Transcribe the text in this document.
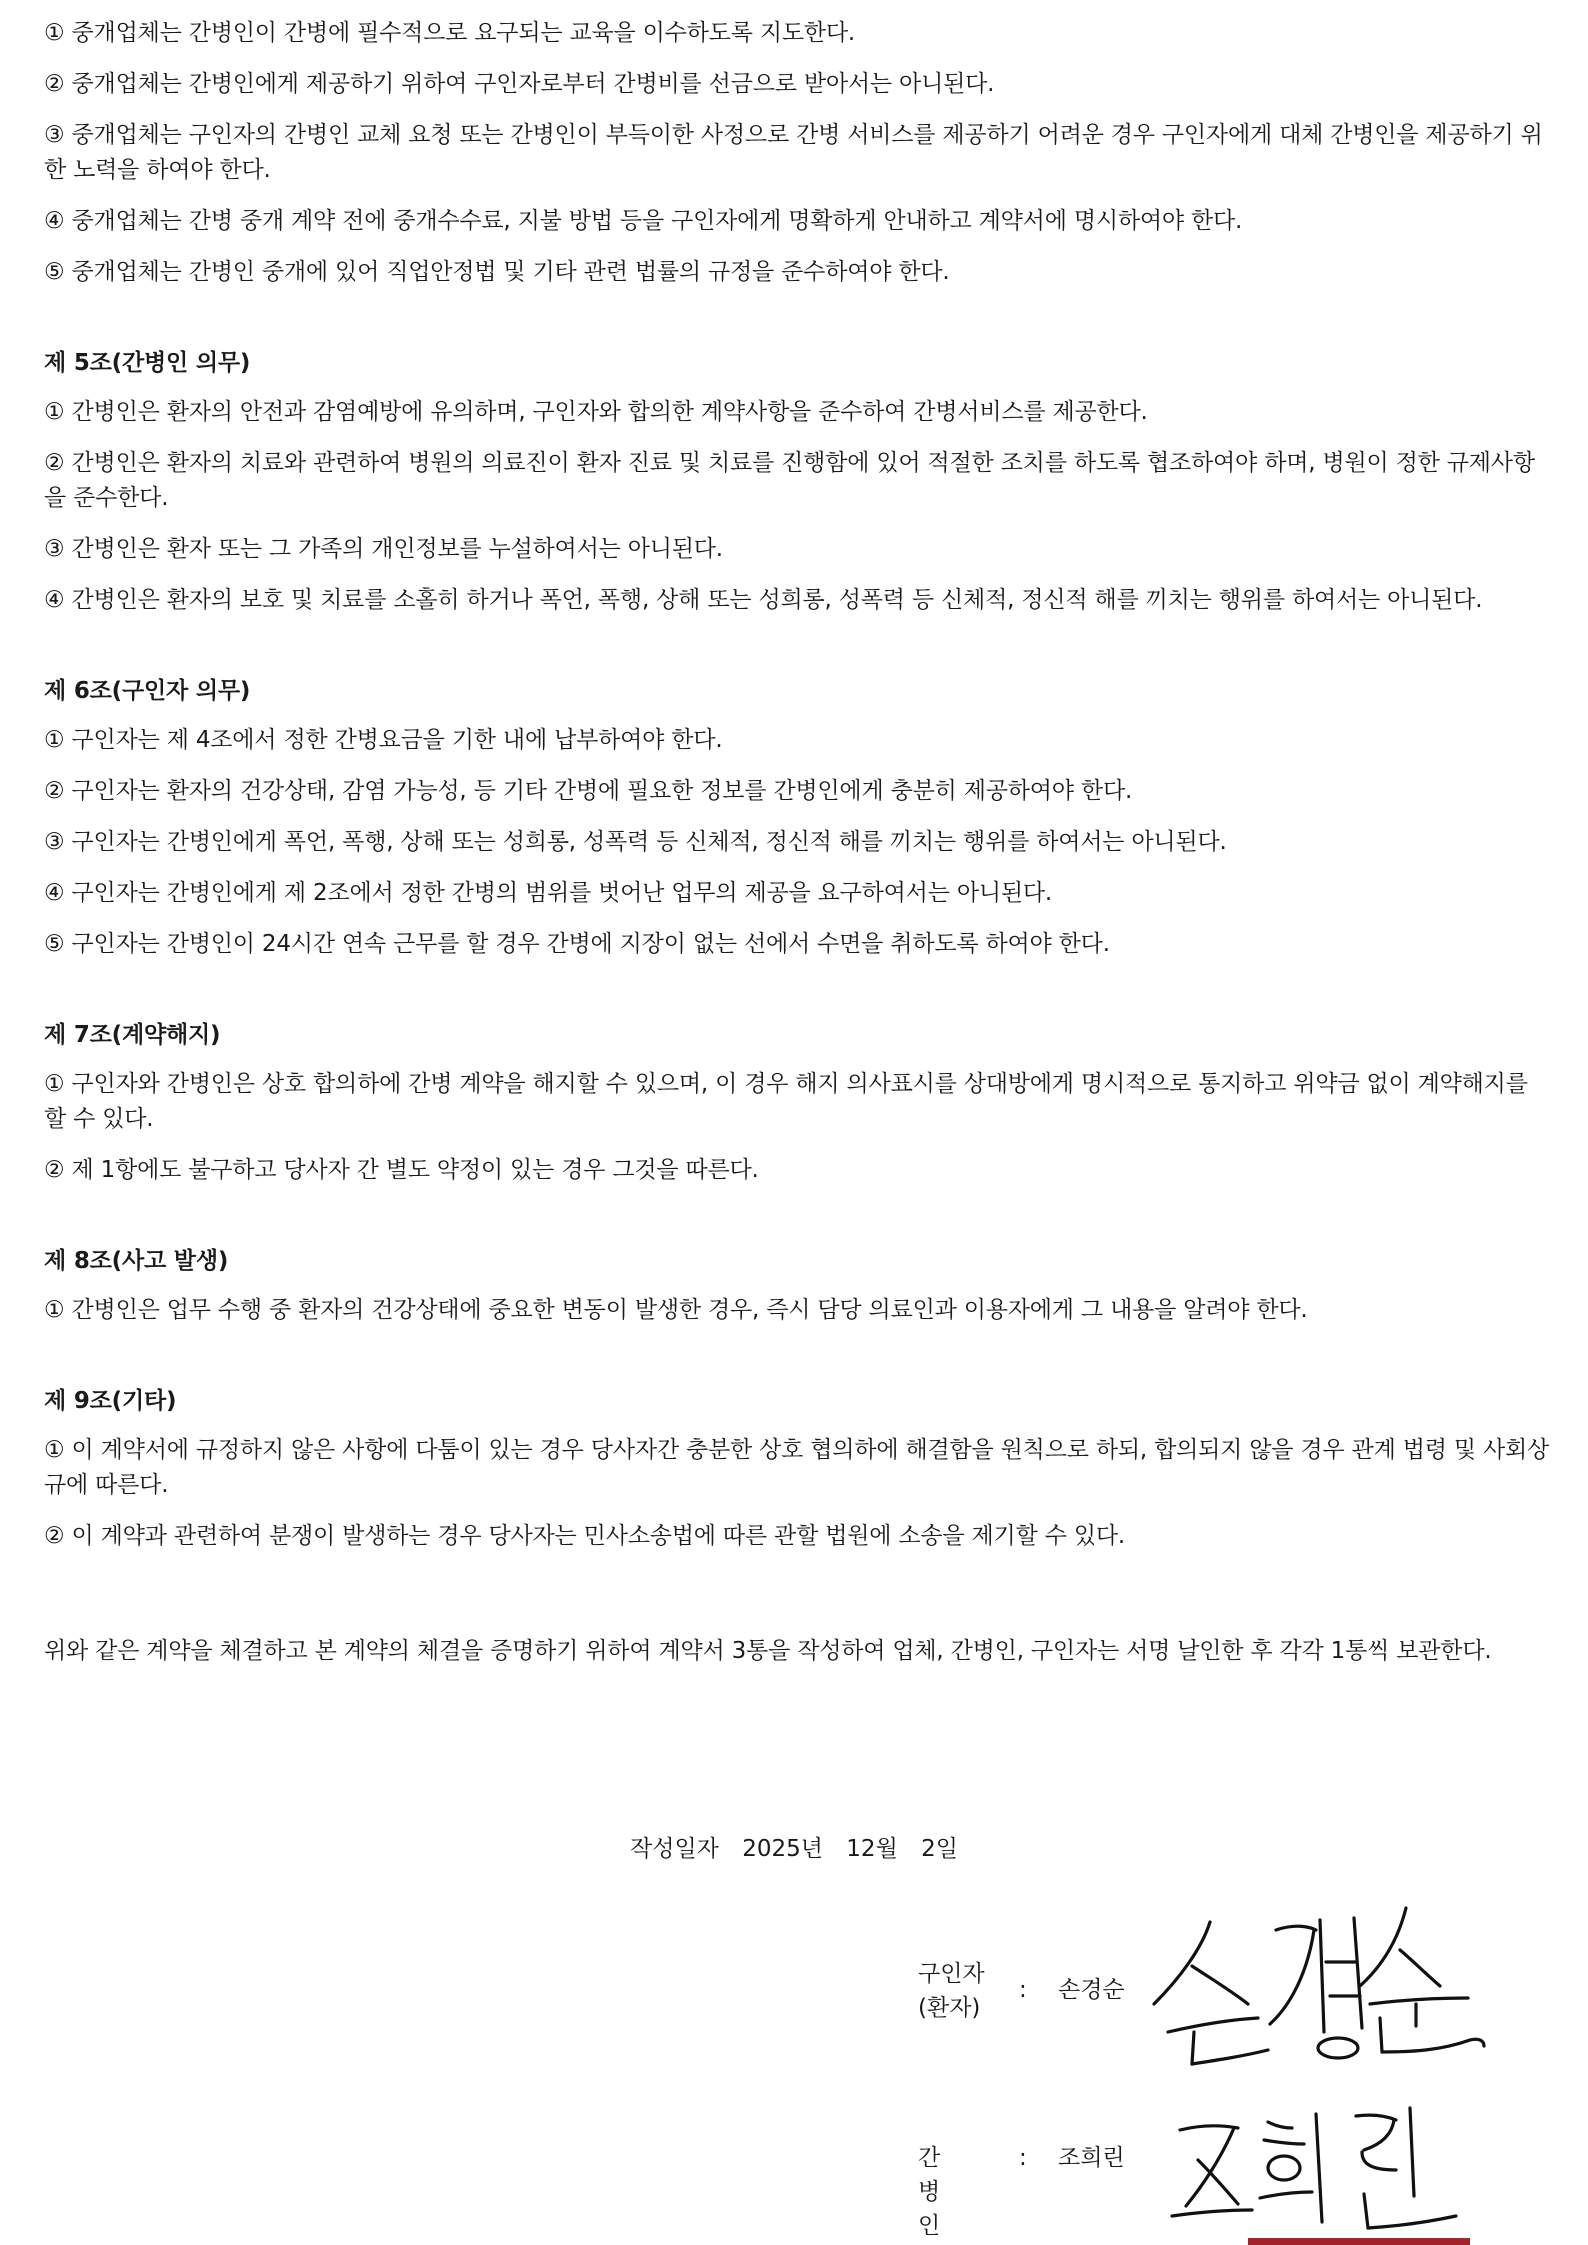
① 중개업체는 간병인이 간병에 필수적으로 요구되는 교육을 이수하도록 지도한다.

② 중개업체는 간병인에게 제공하기 위하여 구인자로부터 간병비를 선금으로 받아서는 아니된다.

③ 중개업체는 구인자의 간병인 교체 요청 또는 간병인이 부득이한 사정으로 간병 서비스를 제공하기 어려운 경우 구인자에게 대체 간병인을 제공하기 위한 노력을 하여야 한다.

④ 중개업체는 간병 중개 계약 전에 중개수수료, 지불 방법 등을 구인자에게 명확하게 안내하고 계약서에 명시하여야 한다.

⑤ 중개업체는 간병인 중개에 있어 직업안정법 및 기타 관련 법률의 규정을 준수하여야 한다.

제 5조(간병인 의무)

① 간병인은 환자의 안전과 감염예방에 유의하며, 구인자와 합의한 계약사항을 준수하여 간병서비스를 제공한다.

② 간병인은 환자의 치료와 관련하여 병원의 의료진이 환자 진료 및 치료를 진행함에 있어 적절한 조치를 하도록 협조하여야 하며, 병원이 정한 규제사항을 준수한다.

③ 간병인은 환자 또는 그 가족의 개인정보를 누설하여서는 아니된다.

④ 간병인은 환자의 보호 및 치료를 소홀히 하거나 폭언, 폭행, 상해 또는 성희롱, 성폭력 등 신체적, 정신적 해를 끼치는 행위를 하여서는 아니된다.

제 6조(구인자 의무)

① 구인자는 제 4조에서 정한 간병요금을 기한 내에 납부하여야 한다.

② 구인자는 환자의 건강상태, 감염 가능성, 등 기타 간병에 필요한 정보를 간병인에게 충분히 제공하여야 한다.

③ 구인자는 간병인에게 폭언, 폭행, 상해 또는 성희롱, 성폭력 등 신체적, 정신적 해를 끼치는 행위를 하여서는 아니된다.

④ 구인자는 간병인에게 제 2조에서 정한 간병의 범위를 벗어난 업무의 제공을 요구하여서는 아니된다.

⑤ 구인자는 간병인이 24시간 연속 근무를 할 경우 간병에 지장이 없는 선에서 수면을 취하도록 하여야 한다.

제 7조(계약해지)

① 구인자와 간병인은 상호 합의하에 간병 계약을 해지할 수 있으며, 이 경우 해지 의사표시를 상대방에게 명시적으로 통지하고 위약금 없이 계약해지를 할 수 있다.

② 제 1항에도 불구하고 당사자 간 별도 약정이 있는 경우 그것을 따른다.

제 8조(사고 발생)

① 간병인은 업무 수행 중 환자의 건강상태에 중요한 변동이 발생한 경우, 즉시 담당 의료인과 이용자에게 그 내용을 알려야 한다.

제 9조(기타)

① 이 계약서에 규정하지 않은 사항에 다툼이 있는 경우 당사자간 충분한 상호 협의하에 해결함을 원칙으로 하되, 합의되지 않을 경우 관계 법령 및 사회상규에 따른다.

② 이 계약과 관련하여 분쟁이 발생하는 경우 당사자는 민사소송법에 따른 관할 법원에 소송을 제기할 수 있다.

위와 같은 계약을 체결하고 본 계약의 체결을 증명하기 위하여 계약서 3통을 작성하여 업체, 간병인, 구인자는 서명 날인한 후 각각 1통씩 보관한다.

작성일자 2025년 12월 2일
구인자
(환자)
: 손경순
간병인
: 조희린
